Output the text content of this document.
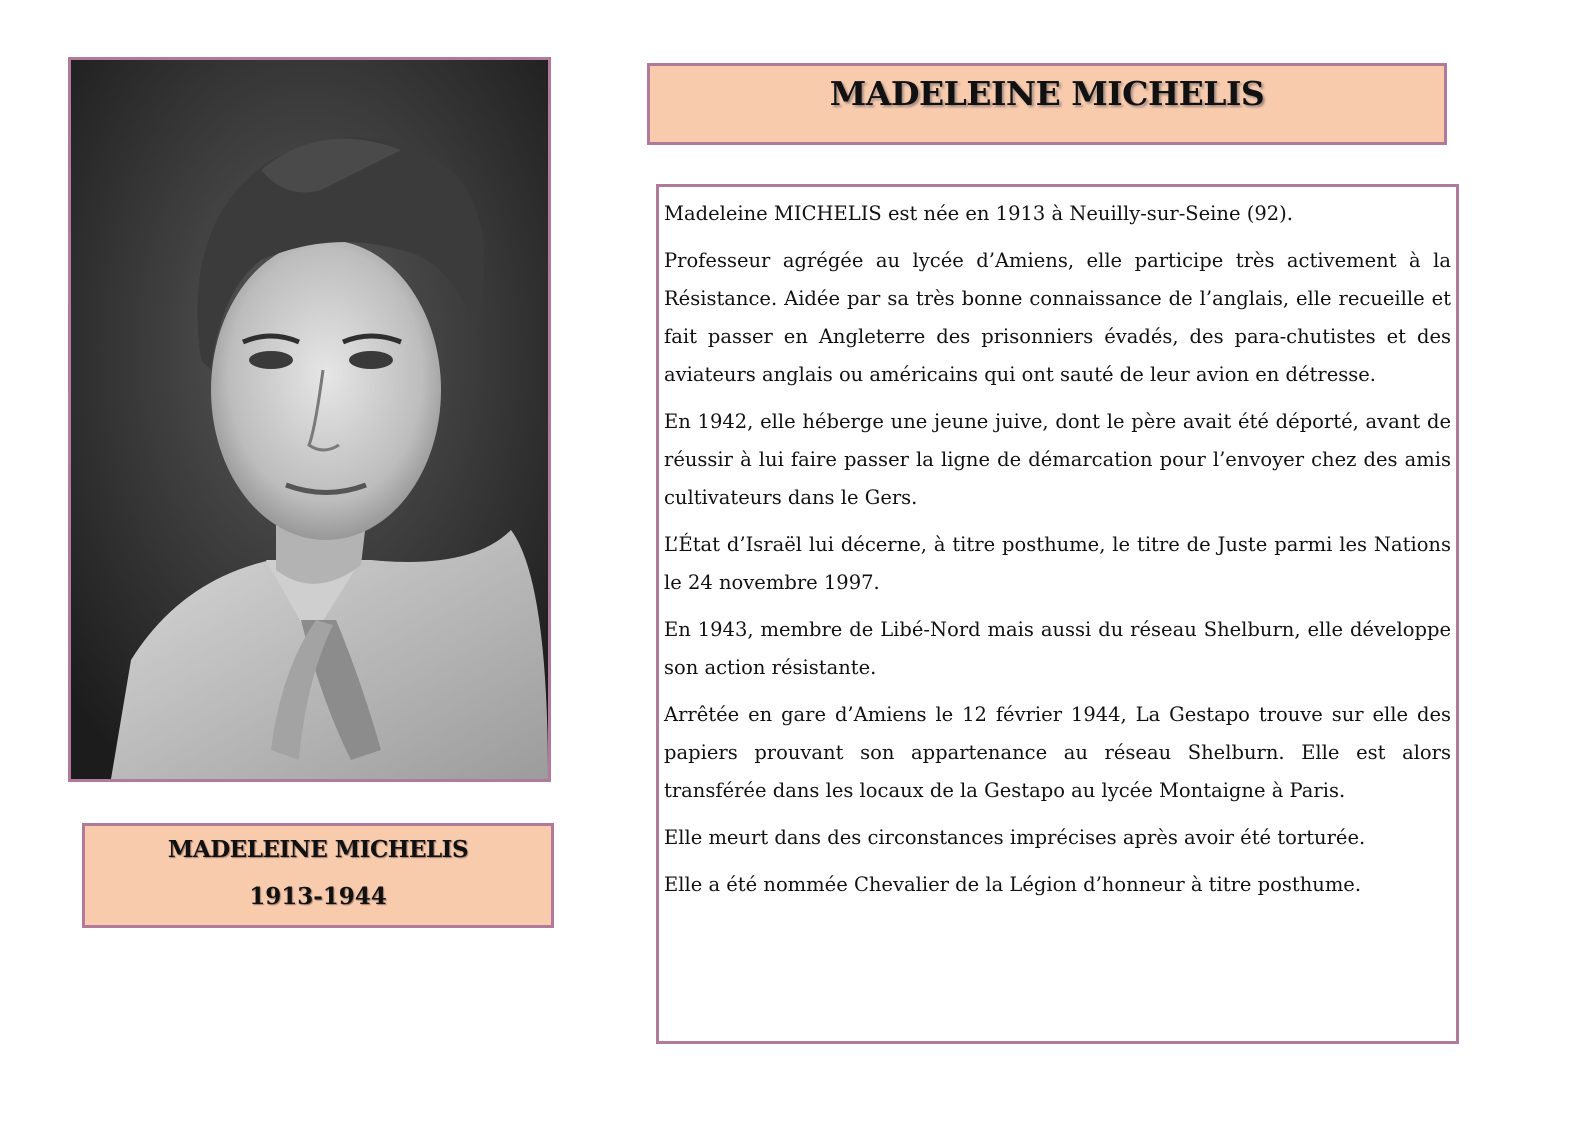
MADELEINE MICHELIS
1913-1944
MADELEINE MICHELIS

Madeleine MICHELIS est née en 1913 à Neuilly-sur-Seine (92).

Professeur agrégée au lycée d’Amiens, elle participe très activement à la Résistance. Aidée par sa très bonne connaissance de l’anglais, elle recueille et fait passer en Angleterre des prisonniers évadés, des para-chutistes et des aviateurs anglais ou américains qui ont sauté de leur avion en détresse.

En 1942, elle héberge une jeune juive, dont le père avait été déporté, avant de réussir à lui faire passer la ligne de démarcation pour l’envoyer chez des amis cultivateurs dans le Gers.

L’État d’Israël lui décerne, à titre posthume, le titre de Juste parmi les Nations le 24 novembre 1997.

En 1943, membre de Libé-Nord mais aussi du réseau Shelburn, elle développe son action résistante.

Arrêtée en gare d’Amiens le 12 février 1944, La Gestapo trouve sur elle des papiers prouvant son appartenance au réseau Shelburn. Elle est alors transférée dans les locaux de la Gestapo au lycée Montaigne à Paris.

Elle meurt dans des circonstances imprécises après avoir été torturée.

Elle a été nommée Chevalier de la Légion d’honneur à titre posthume.
